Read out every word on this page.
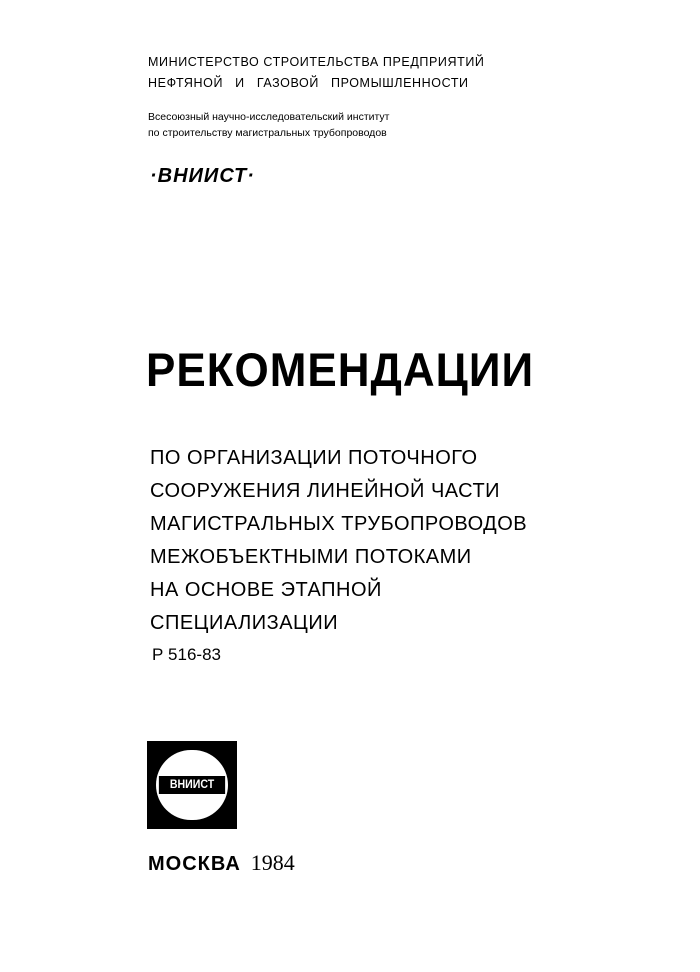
МИНИСТЕРСТВО СТРОИТЕЛЬСТВА ПРЕДПРИЯТИЙ
НЕФТЯНОЙ И ГАЗОВОЙ ПРОМЫШЛЕННОСТИ
Всесоюзный научно-исследовательский институт
по строительству магистральных трубопроводов
·ВНИИСТ·
РЕКОМЕНДАЦИИ
ПО ОРГАНИЗАЦИИ ПОТОЧНОГО
СООРУЖЕНИЯ ЛИНЕЙНОЙ ЧАСТИ
МАГИСТРАЛЬНЫХ ТРУБОПРОВОДОВ
МЕЖОБЪЕКТНЫМИ ПОТОКАМИ
НА ОСНОВЕ ЭТАПНОЙ
СПЕЦИАЛИЗАЦИИ
Р 516-83
ВНИИСТ
МОСКВА 1984
